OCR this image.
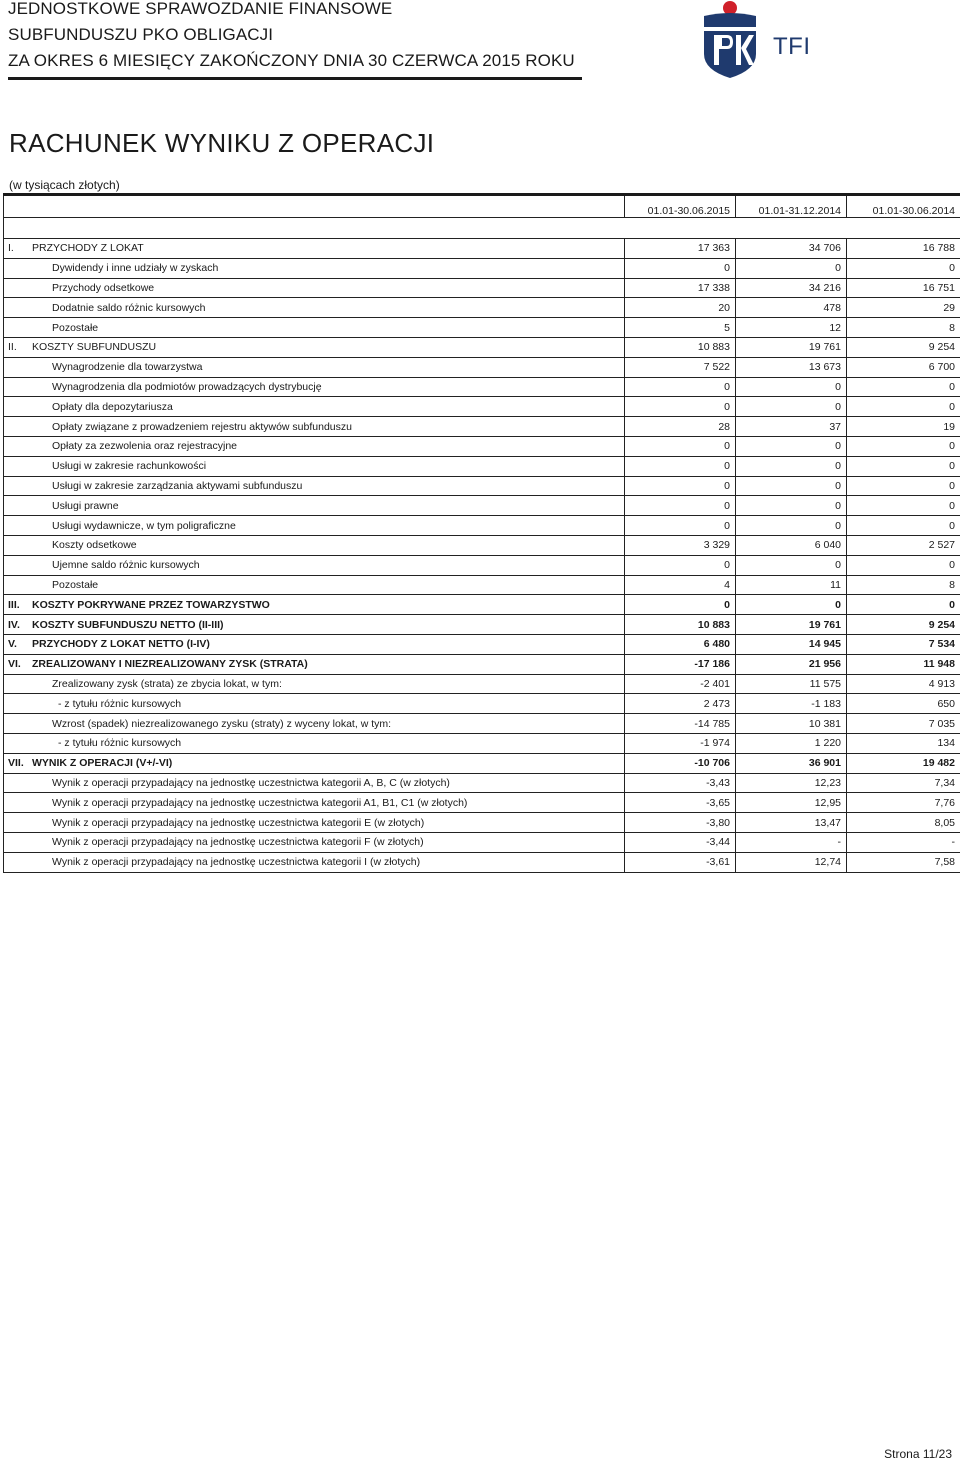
JEDNOSTKOWE SPRAWOZDANIE FINANSOWE
SUBFUNDUSZU PKO OBLIGACJI
ZA OKRES 6 MIESIĘCY ZAKOŃCZONY DNIA 30 CZERWCA 2015 ROKU
TFI
RACHUNEK WYNIKU Z OPERACJI
(w tysiącach złotych)
	01.01-30.06.2015	01.01-31.12.2014	01.01-30.06.2014

I. PRZYCHODY Z LOKAT	17 363	34 706	16 788
Dywidendy i inne udziały w zyskach	0	0	0
Przychody odsetkowe	17 338	34 216	16 751
Dodatnie saldo różnic kursowych	20	478	29
Pozostałe	5	12	8
II. KOSZTY SUBFUNDUSZU	10 883	19 761	9 254
Wynagrodzenie dla towarzystwa	7 522	13 673	6 700
Wynagrodzenia dla podmiotów prowadzących dystrybucję	0	0	0
Opłaty dla depozytariusza	0	0	0
Opłaty związane z prowadzeniem rejestru aktywów subfunduszu	28	37	19
Opłaty za zezwolenia oraz rejestracyjne	0	0	0
Usługi w zakresie rachunkowości	0	0	0
Usługi w zakresie zarządzania aktywami subfunduszu	0	0	0
Usługi prawne	0	0	0
Usługi wydawnicze, w tym poligraficzne	0	0	0
Koszty odsetkowe	3 329	6 040	2 527
Ujemne saldo różnic kursowych	0	0	0
Pozostałe	4	11	8
III. KOSZTY POKRYWANE PRZEZ TOWARZYSTWO	0	0	0
IV. KOSZTY SUBFUNDUSZU NETTO (II-III)	10 883	19 761	9 254
V. PRZYCHODY Z LOKAT NETTO (I-IV)	6 480	14 945	7 534
VI. ZREALIZOWANY I NIEZREALIZOWANY ZYSK (STRATA)	-17 186	21 956	11 948
Zrealizowany zysk (strata) ze zbycia lokat, w tym:	-2 401	11 575	4 913
- z tytułu różnic kursowych	2 473	-1 183	650
Wzrost (spadek) niezrealizowanego zysku (straty) z wyceny lokat, w tym:	-14 785	10 381	7 035
- z tytułu różnic kursowych	-1 974	1 220	134
VII. WYNIK Z OPERACJI (V+/-VI)	-10 706	36 901	19 482
Wynik z operacji przypadający na jednostkę uczestnictwa kategorii A, B, C (w złotych)	-3,43	12,23	7,34
Wynik z operacji przypadający na jednostkę uczestnictwa kategorii A1, B1, C1 (w złotych)	-3,65	12,95	7,76
Wynik z operacji przypadający na jednostkę uczestnictwa kategorii E (w złotych)	-3,80	13,47	8,05
Wynik z operacji przypadający na jednostkę uczestnictwa kategorii F (w złotych)	-3,44	-	-
Wynik z operacji przypadający na jednostkę uczestnictwa kategorii I (w złotych)	-3,61	12,74	7,58
Strona 11/23
